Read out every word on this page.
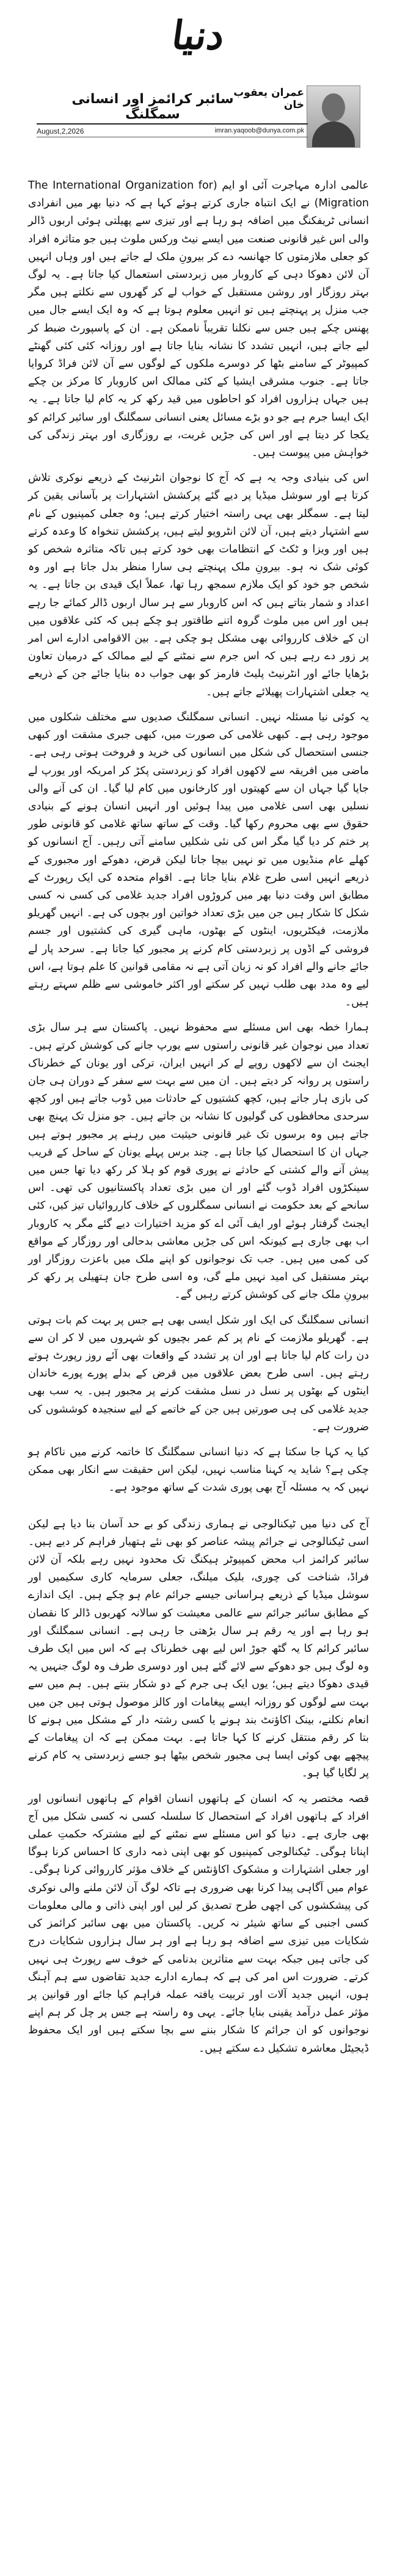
دنیا
عمران یعقوب خان
سائبر کرائمز اور انسانی سمگلنگ
August,2,2026	imran.yaqoob@dunya.com.pk

عالمی ادارہ مہاجرت آئی او ایم (The International Organization for Migration) نے ایک انتباہ جاری کرتے ہوئے کہا ہے کہ دنیا بھر میں انفرادی انسانی ٹریفکنگ میں اضافہ ہو رہا ہے اور تیزی سے پھیلتی ہوئی اربوں ڈالر والی اس غیر قانونی صنعت میں ایسے نیٹ ورکس ملوث ہیں جو متاثرہ افراد کو جعلی ملازمتوں کا جھانسہ دے کر بیرونِ ملک لے جاتے ہیں اور وہاں انہیں آن لائن دھوکا دہی کے کاروبار میں زبردستی استعمال کیا جاتا ہے۔ یہ لوگ بہتر روزگار اور روشن مستقبل کے خواب لے کر گھروں سے نکلتے ہیں مگر جب منزل پر پہنچتے ہیں تو انہیں معلوم ہوتا ہے کہ وہ ایک ایسے جال میں پھنس چکے ہیں جس سے نکلنا تقریباً ناممکن ہے۔ ان کے پاسپورٹ ضبط کر لیے جاتے ہیں، انہیں تشدد کا نشانہ بنایا جاتا ہے اور روزانہ کئی کئی گھنٹے کمپیوٹر کے سامنے بٹھا کر دوسرے ملکوں کے لوگوں سے آن لائن فراڈ کروایا جاتا ہے۔ جنوب مشرقی ایشیا کے کئی ممالک اس کاروبار کا مرکز بن چکے ہیں جہاں ہزاروں افراد کو احاطوں میں قید رکھ کر یہ کام لیا جاتا ہے۔ یہ ایک ایسا جرم ہے جو دو بڑے مسائل یعنی انسانی سمگلنگ اور سائبر کرائم کو یکجا کر دیتا ہے اور اس کی جڑیں غربت، بے روزگاری اور بہتر زندگی کی خواہش میں پیوست ہیں۔

اس کی بنیادی وجہ یہ ہے کہ آج کا نوجوان انٹرنیٹ کے ذریعے نوکری تلاش کرتا ہے اور سوشل میڈیا پر دیے گئے پرکشش اشتہارات پر بآسانی یقین کر لیتا ہے۔ سمگلر بھی یہی راستہ اختیار کرتے ہیں؛ وہ جعلی کمپنیوں کے نام سے اشتہار دیتے ہیں، آن لائن انٹرویو لیتے ہیں، پرکشش تنخواہ کا وعدہ کرتے ہیں اور ویزا و ٹکٹ کے انتظامات بھی خود کرتے ہیں تاکہ متاثرہ شخص کو کوئی شک نہ ہو۔ بیرونِ ملک پہنچتے ہی سارا منظر بدل جاتا ہے اور وہ شخص جو خود کو ایک ملازم سمجھ رہا تھا، عملاً ایک قیدی بن جاتا ہے۔ یہ اعداد و شمار بتاتے ہیں کہ اس کاروبار سے ہر سال اربوں ڈالر کمائے جا رہے ہیں اور اس میں ملوث گروہ اتنے طاقتور ہو چکے ہیں کہ کئی علاقوں میں ان کے خلاف کارروائی بھی مشکل ہو چکی ہے۔ بین الاقوامی ادارے اس امر پر زور دے رہے ہیں کہ اس جرم سے نمٹنے کے لیے ممالک کے درمیان تعاون بڑھایا جائے اور انٹرنیٹ پلیٹ فارمز کو بھی جواب دہ بنایا جائے جن کے ذریعے یہ جعلی اشتہارات پھیلائے جاتے ہیں۔

یہ کوئی نیا مسئلہ نہیں۔ انسانی سمگلنگ صدیوں سے مختلف شکلوں میں موجود رہی ہے۔ کبھی غلامی کی صورت میں، کبھی جبری مشقت اور کبھی جنسی استحصال کی شکل میں انسانوں کی خرید و فروخت ہوتی رہی ہے۔ ماضی میں افریقہ سے لاکھوں افراد کو زبردستی پکڑ کر امریکہ اور یورپ لے جایا گیا جہاں ان سے کھیتوں اور کارخانوں میں کام لیا گیا۔ ان کی آنے والی نسلیں بھی اسی غلامی میں پیدا ہوئیں اور انہیں انسان ہونے کے بنیادی حقوق سے بھی محروم رکھا گیا۔ وقت کے ساتھ ساتھ غلامی کو قانونی طور پر ختم کر دیا گیا مگر اس کی نئی شکلیں سامنے آتی رہیں۔ آج انسانوں کو کھلے عام منڈیوں میں تو نہیں بیچا جاتا لیکن قرض، دھوکے اور مجبوری کے ذریعے انہیں اسی طرح غلام بنایا جاتا ہے۔ اقوام متحدہ کی ایک رپورٹ کے مطابق اس وقت دنیا بھر میں کروڑوں افراد جدید غلامی کی کسی نہ کسی شکل کا شکار ہیں جن میں بڑی تعداد خواتین اور بچوں کی ہے۔ انہیں گھریلو ملازمت، فیکٹریوں، اینٹوں کے بھٹوں، ماہی گیری کی کشتیوں اور جسم فروشی کے اڈوں پر زبردستی کام کرنے پر مجبور کیا جاتا ہے۔ سرحد پار لے جائے جانے والے افراد کو نہ زبان آتی ہے نہ مقامی قوانین کا علم ہوتا ہے، اس لیے وہ مدد بھی طلب نہیں کر سکتے اور اکثر خاموشی سے ظلم سہتے رہتے ہیں۔

ہمارا خطہ بھی اس مسئلے سے محفوظ نہیں۔ پاکستان سے ہر سال بڑی تعداد میں نوجوان غیر قانونی راستوں سے یورپ جانے کی کوشش کرتے ہیں۔ ایجنٹ ان سے لاکھوں روپے لے کر انہیں ایران، ترکی اور یونان کے خطرناک راستوں پر روانہ کر دیتے ہیں۔ ان میں سے بہت سے سفر کے دوران ہی جان کی بازی ہار جاتے ہیں، کچھ کشتیوں کے حادثات میں ڈوب جاتے ہیں اور کچھ سرحدی محافظوں کی گولیوں کا نشانہ بن جاتے ہیں۔ جو منزل تک پہنچ بھی جاتے ہیں وہ برسوں تک غیر قانونی حیثیت میں رہنے پر مجبور ہوتے ہیں جہاں ان کا استحصال کیا جاتا ہے۔ چند برس پہلے یونان کے ساحل کے قریب پیش آنے والے کشتی کے حادثے نے پوری قوم کو ہلا کر رکھ دیا تھا جس میں سینکڑوں افراد ڈوب گئے اور ان میں بڑی تعداد پاکستانیوں کی تھی۔ اس سانحے کے بعد حکومت نے انسانی سمگلروں کے خلاف کارروائیاں تیز کیں، کئی ایجنٹ گرفتار ہوئے اور ایف آئی اے کو مزید اختیارات دیے گئے مگر یہ کاروبار اب بھی جاری ہے کیونکہ اس کی جڑیں معاشی بدحالی اور روزگار کے مواقع کی کمی میں ہیں۔ جب تک نوجوانوں کو اپنے ملک میں باعزت روزگار اور بہتر مستقبل کی امید نہیں ملے گی، وہ اسی طرح جان ہتھیلی پر رکھ کر بیرونِ ملک جانے کی کوشش کرتے رہیں گے۔

انسانی سمگلنگ کی ایک اور شکل ایسی بھی ہے جس پر بہت کم بات ہوتی ہے۔ گھریلو ملازمت کے نام پر کم عمر بچیوں کو شہروں میں لا کر ان سے دن رات کام لیا جاتا ہے اور ان پر تشدد کے واقعات بھی آئے روز رپورٹ ہوتے رہتے ہیں۔ اسی طرح بعض علاقوں میں قرض کے بدلے پورے پورے خاندان اینٹوں کے بھٹوں پر نسل در نسل مشقت کرنے پر مجبور ہیں۔ یہ سب بھی جدید غلامی کی ہی صورتیں ہیں جن کے خاتمے کے لیے سنجیدہ کوششوں کی ضرورت ہے۔

کیا یہ کہا جا سکتا ہے کہ دنیا انسانی سمگلنگ کا خاتمہ کرنے میں ناکام ہو چکی ہے؟ شاید یہ کہنا مناسب نہیں، لیکن اس حقیقت سے انکار بھی ممکن نہیں کہ یہ مسئلہ آج بھی پوری شدت کے ساتھ موجود ہے۔

آج کی دنیا میں ٹیکنالوجی نے ہماری زندگی کو بے حد آسان بنا دیا ہے لیکن اسی ٹیکنالوجی نے جرائم پیشہ عناصر کو بھی نئے ہتھیار فراہم کر دیے ہیں۔ سائبر کرائمز اب محض کمپیوٹر ہیکنگ تک محدود نہیں رہے بلکہ آن لائن فراڈ، شناخت کی چوری، بلیک میلنگ، جعلی سرمایہ کاری سکیمیں اور سوشل میڈیا کے ذریعے ہراسانی جیسے جرائم عام ہو چکے ہیں۔ ایک اندازے کے مطابق سائبر جرائم سے عالمی معیشت کو سالانہ کھربوں ڈالر کا نقصان ہو رہا ہے اور یہ رقم ہر سال بڑھتی جا رہی ہے۔ انسانی سمگلنگ اور سائبر کرائم کا یہ گٹھ جوڑ اس لیے بھی خطرناک ہے کہ اس میں ایک طرف وہ لوگ ہیں جو دھوکے سے لائے گئے ہیں اور دوسری طرف وہ لوگ جنہیں یہ قیدی دھوکا دیتے ہیں؛ یوں ایک ہی جرم کے دو شکار بنتے ہیں۔ ہم میں سے بہت سے لوگوں کو روزانہ ایسے پیغامات اور کالز موصول ہوتی ہیں جن میں انعام نکلنے، بینک اکاؤنٹ بند ہونے یا کسی رشتہ دار کے مشکل میں ہونے کا بتا کر رقم منتقل کرنے کا کہا جاتا ہے۔ بہت ممکن ہے کہ ان پیغامات کے پیچھے بھی کوئی ایسا ہی مجبور شخص بیٹھا ہو جسے زبردستی یہ کام کرنے پر لگایا گیا ہو۔

قصہ مختصر یہ کہ انسان کے ہاتھوں انسان اقوام کے ہاتھوں انسانوں اور افراد کے ہاتھوں افراد کے استحصال کا سلسلہ کسی نہ کسی شکل میں آج بھی جاری ہے۔ دنیا کو اس مسئلے سے نمٹنے کے لیے مشترکہ حکمتِ عملی اپنانا ہوگی۔ ٹیکنالوجی کمپنیوں کو بھی اپنی ذمہ داری کا احساس کرنا ہوگا اور جعلی اشتہارات و مشکوک اکاؤنٹس کے خلاف مؤثر کارروائی کرنا ہوگی۔ عوام میں آگاہی پیدا کرنا بھی ضروری ہے تاکہ لوگ آن لائن ملنے والی نوکری کی پیشکشوں کی اچھی طرح تصدیق کر لیں اور اپنی ذاتی و مالی معلومات کسی اجنبی کے ساتھ شیئر نہ کریں۔ پاکستان میں بھی سائبر کرائمز کی شکایات میں تیزی سے اضافہ ہو رہا ہے اور ہر سال ہزاروں شکایات درج کی جاتی ہیں جبکہ بہت سے متاثرین بدنامی کے خوف سے رپورٹ ہی نہیں کرتے۔ ضرورت اس امر کی ہے کہ ہمارے ادارے جدید تقاضوں سے ہم آہنگ ہوں، انہیں جدید آلات اور تربیت یافتہ عملہ فراہم کیا جائے اور قوانین پر مؤثر عمل درآمد یقینی بنایا جائے۔ یہی وہ راستہ ہے جس پر چل کر ہم اپنے نوجوانوں کو ان جرائم کا شکار بننے سے بچا سکتے ہیں اور ایک محفوظ ڈیجیٹل معاشرہ تشکیل دے سکتے ہیں۔
